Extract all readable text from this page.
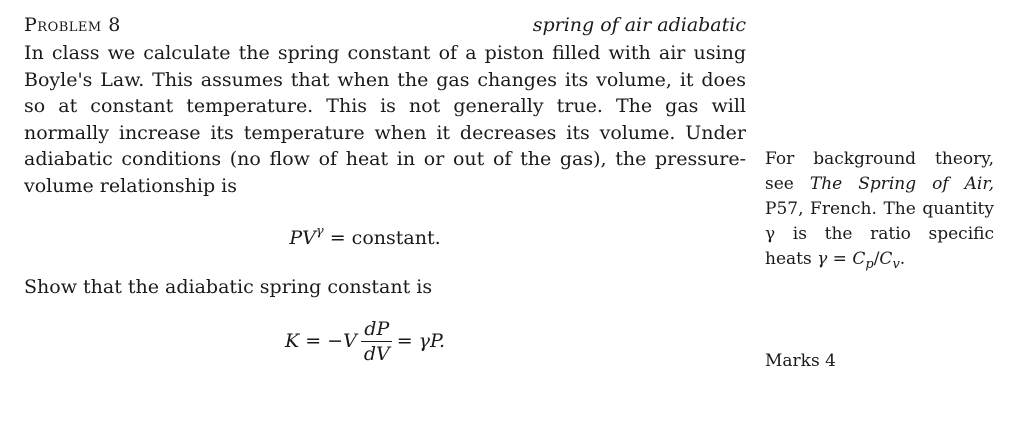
Problem 8	spring of air adiabatic

In class we calculate the spring constant of a piston filled with air using Boyle's Law. This assumes that when the gas changes its volume, it does so at constant temperature. This is not generally true. The gas will normally increase its temperature when it decreases its volume. Under adiabatic conditions (no flow of heat in or out of the gas), the pressure-volume relationship is

$PV^\gamma$ = constant.

Show that the adiabatic spring constant is

$K = -V \frac{dP}{dV} = \gamma P$.
For background theory, see The Spring of Air, P57, French. The quantity γ is the ratio specific heats $\gamma = C_p/C_v$.
Marks 4
